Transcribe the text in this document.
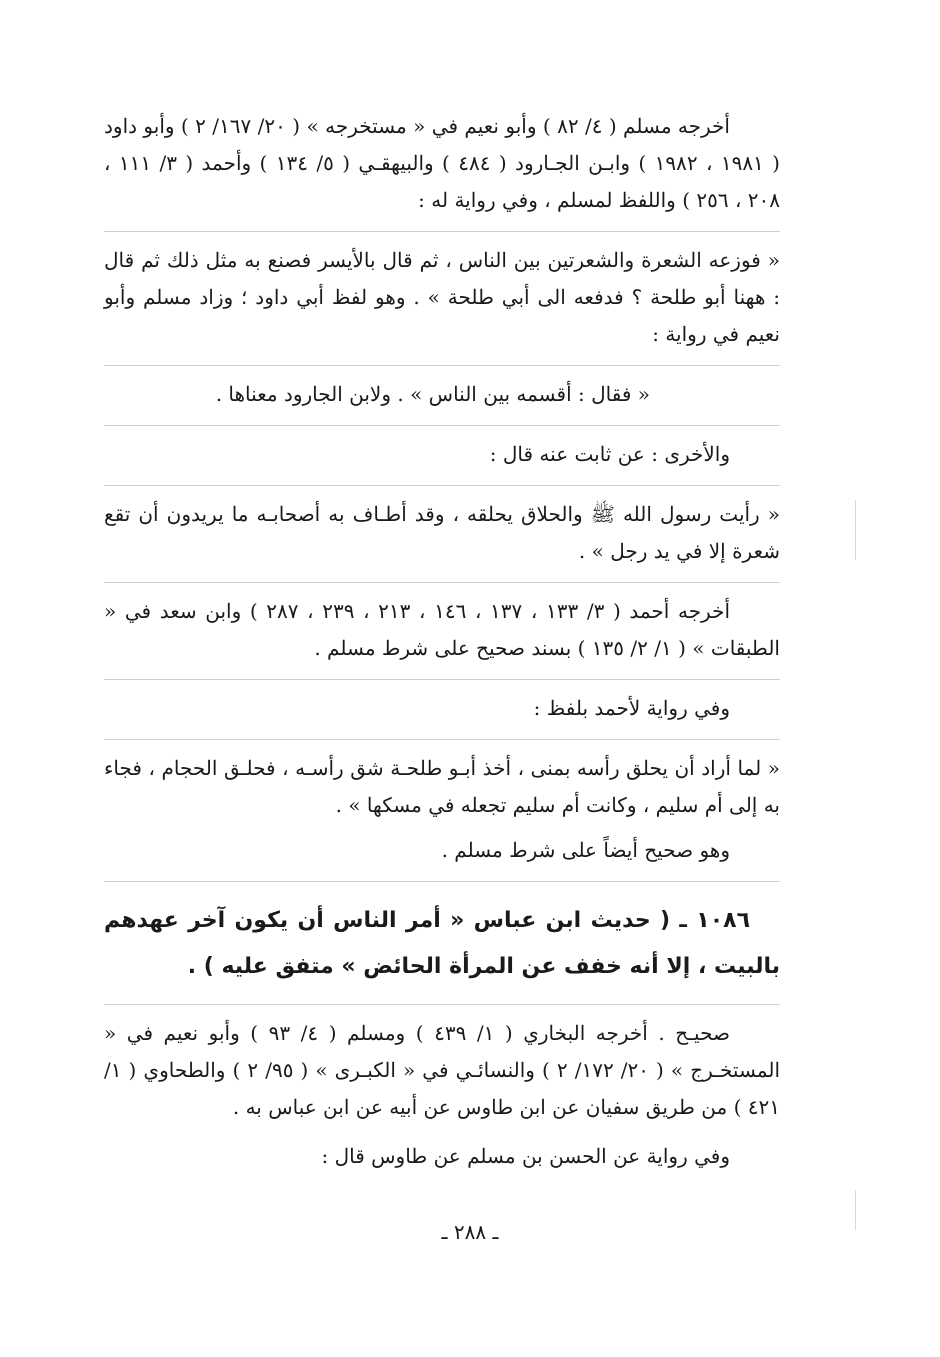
أخرجه مسلم ( ٤/ ٨٢ ) وأبو نعيم في « مستخرجه » ( ٢٠/ ١٦٧/ ٢ ) وأبو داود ( ١٩٨١ ، ١٩٨٢ ) وابـن الجـارود ( ٤٨٤ ) والبيهقـي ( ٥/ ١٣٤ ) وأحمد ( ٣/ ١١١ ، ٢٠٨ ، ٢٥٦ ) واللفظ لمسلم ، وفي رواية له :

« فوزعه الشعرة والشعرتين بين الناس ، ثم قال بالأيسر فصنع به مثل ذلك ثم قال : ههنا أبو طلحة ؟ فدفعه الى أبي طلحة » . وهو لفظ أبي داود ؛ وزاد مسلم وأبو نعيم في رواية :

« فقال : أقسمه بين الناس » . ولابن الجارود معناها .

والأخرى : عن ثابت عنه قال :

« رأيت رسول الله ﷺ والحلاق يحلقه ، وقد أطـاف به أصحابـه ما يريدون أن تقع شعرة إلا في يد رجل » .

أخرجه أحمد ( ٣/ ١٣٣ ، ١٣٧ ، ١٤٦ ، ٢١٣ ، ٢٣٩ ، ٢٨٧ ) وابن سعد في « الطبقات » ( ١/ ٢/ ١٣٥ ) بسند صحيح على شرط مسلم .

وفي رواية لأحمد بلفظ :

« لما أراد أن يحلق رأسه بمنى ، أخذ أبـو طلحـة شق رأسـه ، فحلـق الحجام ، فجاء به إلى أم سليم ، وكانت أم سليم تجعله في مسكها » .

وهو صحيح أيضاً على شرط مسلم .

١٠٨٦ ـ ( حديث ابن عباس « أمر الناس أن يكون آخر عهدهم بالبيت ، إلا أنه خفف عن المرأة الحائض » متفق عليه ) .

صحيـح . أخرجه البخاري ( ١/ ٤٣٩ ) ومسلم ( ٤/ ٩٣ ) وأبو نعيم في « المستخـرج » ( ٢٠/ ١٧٢/ ٢ ) والنسائـي في « الكبـرى » ( ٩٥/ ٢ ) والطحاوي ( ١/ ٤٢١ ) من طريق سفيان عن ابن طاوس عن أبيه عن ابن عباس به .

وفي رواية عن الحسن بن مسلم عن طاوس قال :

ـ ٢٨٨ ـ
